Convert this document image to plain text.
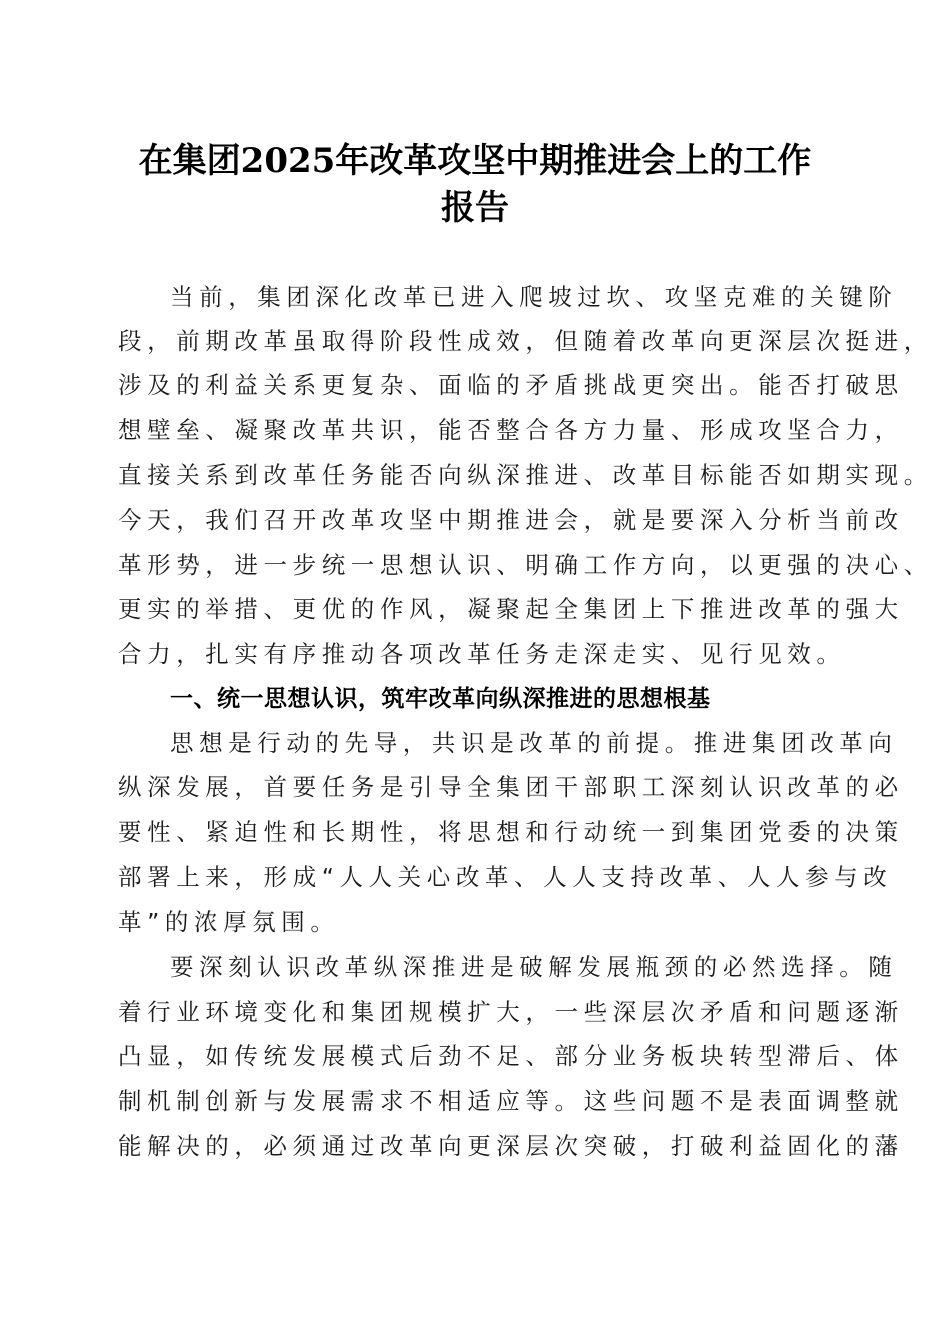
在集团2025年改革攻坚中期推进会上的工作
报告
当前，集团深化改革已进入爬坡过坎、攻坚克难的关键阶
段，前期改革虽取得阶段性成效，但随着改革向更深层次挺进，
涉及的利益关系更复杂、面临的矛盾挑战更突出。能否打破思
想壁垒、凝聚改革共识，能否整合各方力量、形成攻坚合力，
直接关系到改革任务能否向纵深推进、改革目标能否如期实现。
今天，我们召开改革攻坚中期推进会，就是要深入分析当前改
革形势，进一步统一思想认识、明确工作方向，以更强的决心、
更实的举措、更优的作风，凝聚起全集团上下推进改革的强大
合力，扎实有序推动各项改革任务走深走实、见行见效。
一、统一思想认识，筑牢改革向纵深推进的思想根基
思想是行动的先导，共识是改革的前提。推进集团改革向
纵深发展，首要任务是引导全集团干部职工深刻认识改革的必
要性、紧迫性和长期性，将思想和行动统一到集团党委的决策
部署上来，形成“人人关心改革、人人支持改革、人人参与改
革”的浓厚氛围。
要深刻认识改革纵深推进是破解发展瓶颈的必然选择。随
着行业环境变化和集团规模扩大，一些深层次矛盾和问题逐渐
凸显，如传统发展模式后劲不足、部分业务板块转型滞后、体
制机制创新与发展需求不相适应等。这些问题不是表面调整就
能解决的，必须通过改革向更深层次突破，打破利益固化的藩
